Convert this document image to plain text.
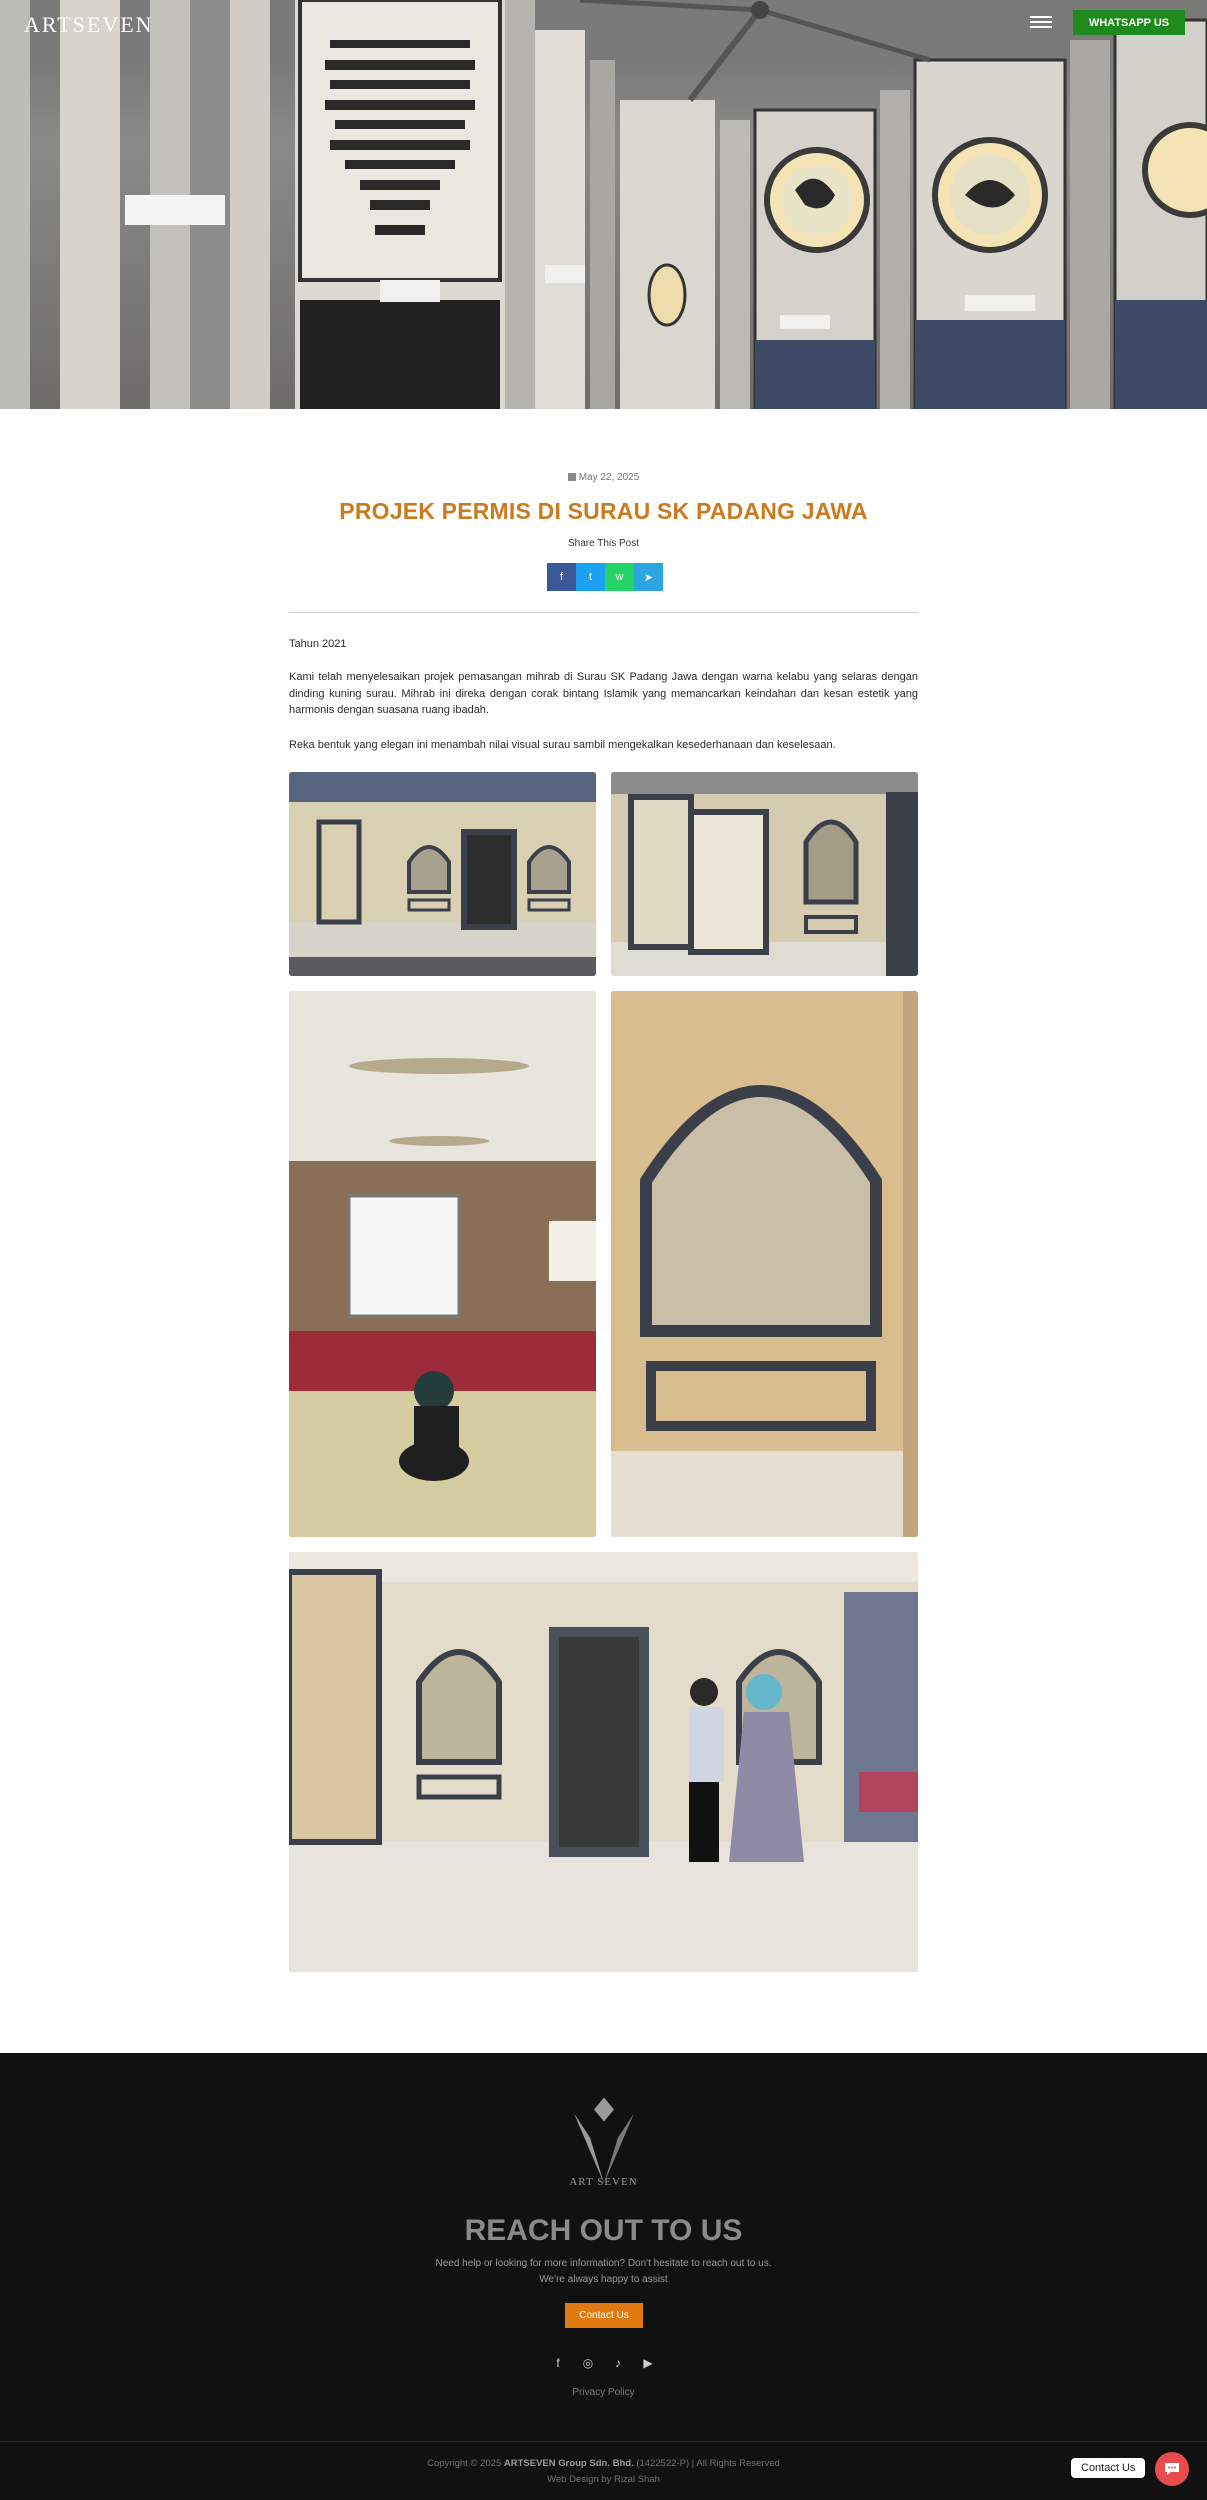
ARTSEVEN	WHATSAPP US
May 22, 2025
PROJEK PERMIS DI SURAU SK PADANG JAWA
Share This Post
f t w ➤

Tahun 2021

Kami telah menyelesaikan projek pemasangan mihrab di Surau SK Padang Jawa dengan warna kelabu yang selaras dengan dinding kuning surau. Mihrab ini direka dengan corak bintang Islamik yang memancarkan keindahan dan kesan estetik yang harmonis dengan suasana ruang ibadah.

Reka bentuk yang elegan ini menambah nilai visual surau sambil mengekalkan kesederhanaan dan keselesaan.

ART SEVEN
REACH OUT TO US
Need help or looking for more information? Don't hesitate to reach out to us.
We're always happy to assist
Contact Us
f	◎	♪	▶
Privacy Policy
Copyright © 2025 ARTSEVEN Group Sdn. Bhd. (1422522-P) | All Rights Reserved
Web Design by Rizal Shah
Contact Us
